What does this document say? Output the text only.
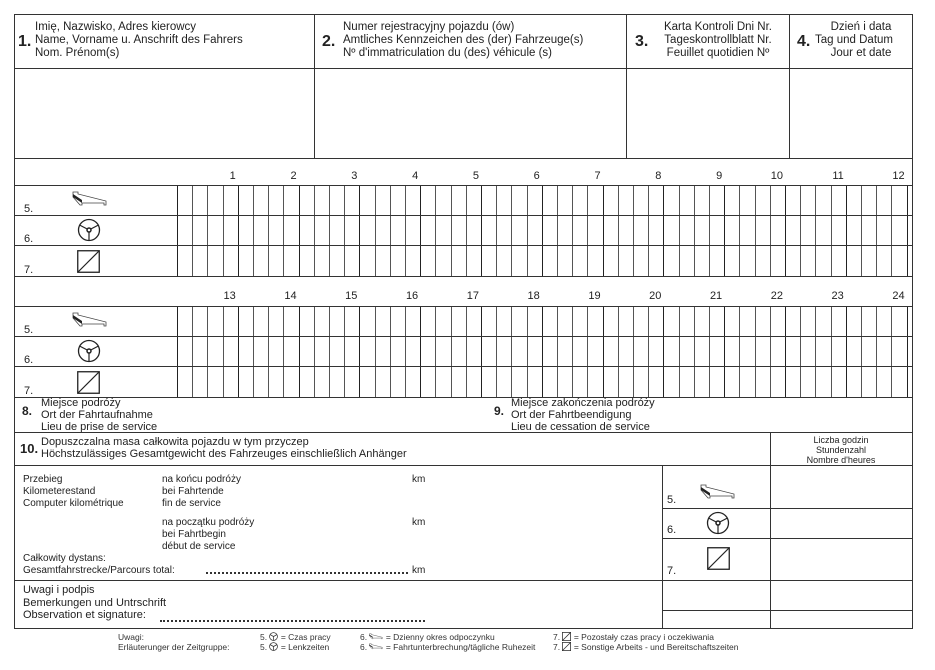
1.
Imię, Nazwisko, Adres kierowcy
Name, Vorname u. Anschrift des Fahrers
Nom. Prénom(s)
2.
Numer rejestracyjny pojazdu (ów)
Amtliches Kennzeichen des (der) Fahrzeuge(s)
Nº d'immatriculation du (des) véhicule (s)
3.
Karta Kontroli Dni Nr.
Tageskontrollblatt Nr.
Feuillet quotidien Nº
4.
Dzień i data
Tag und Datum
Jour et date
1	2	3	4	5	6	7	8	9	10	11	12
13	14	15	16	17	18	19	20	21	22	23	24
5.
6.
7.
5.
6.
7.
8.
Miejsce podróży
Ort der Fahrtaufnahme
Lieu de prise de service
9.
Miejsce zakończenia podróży
Ort der Fahrtbeendigung
Lieu de cessation de service
10. Dopuszczalna masa całkowita pojazdu w tym przyczep
Höchstzulässiges Gesamtgewicht des Fahrzeuges einschließlich Anhänger
Liczba godzin
Stundenzahl
Nombre d'heures
Przebieg
Kilometerestand
Computer kilométrique
na końcu podróży
bei Fahrtende
fin de service
km
na początku podróży
bei Fahrtbegin
début de service
km
Całkowity dystans:
Gesamtfahrstrecke/Parcours total:	km
5.
6.
7.
Uwagi i podpis
Bemerkungen und Untrschrift
Observation et signature:
Uwagi:
Erläuterunger der Zeitgruppe:
5. = Czas pracy
5. = Lenkzeiten
6. = Dzienny okres odpoczynku
6. = Fahrtunterbrechung/tägliche Ruhezeit
7. = Pozostały czas pracy i oczekiwania
7. = Sonstige Arbeits - und Bereitschaftszeiten
